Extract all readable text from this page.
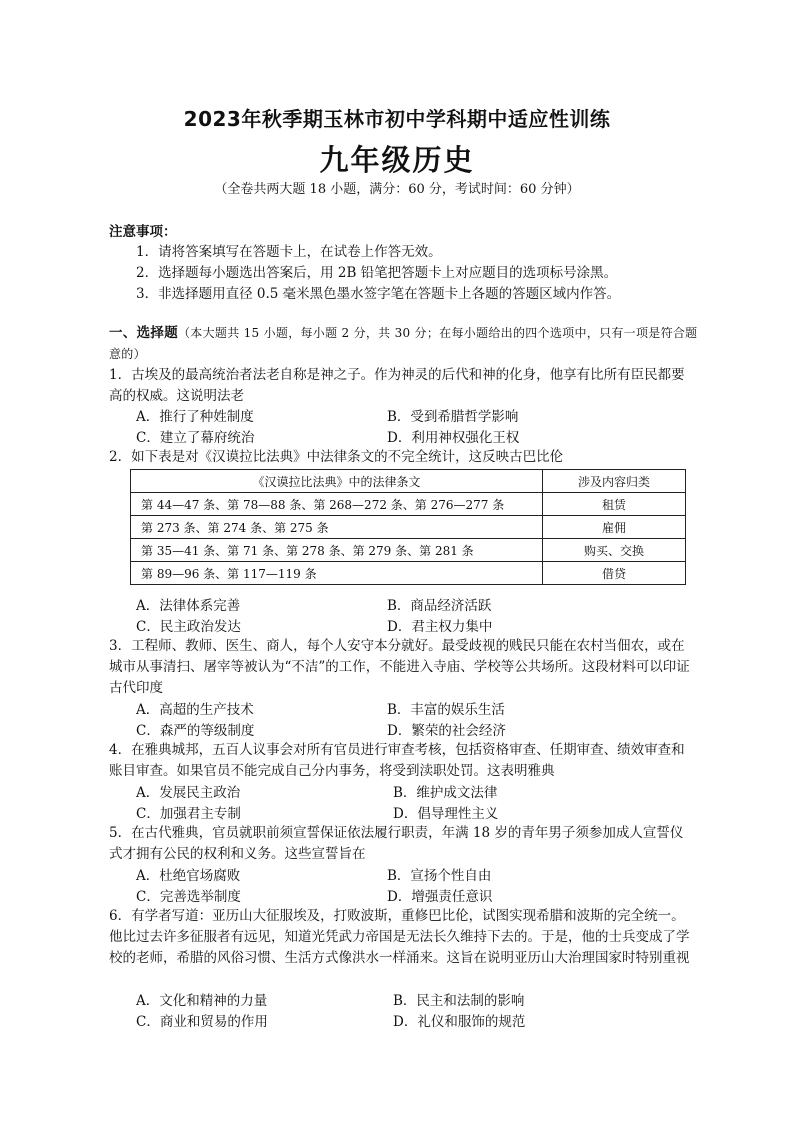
2023年秋季期玉林市初中学科期中适应性训练
九年级历史
（全卷共两大题 18 小题，满分：60 分，考试时间：60 分钟）
注意事项：
1．请将答案填写在答题卡上，在试卷上作答无效。
2．选择题每小题选出答案后，用 2B 铅笔把答题卡上对应题目的选项标号涂黑。
3．非选择题用直径 0.5 毫米黑色墨水签字笔在答题卡上各题的答题区域内作答。
一、选择题（本大题共 15 小题，每小题 2 分，共 30 分；在每小题给出的四个选项中，只有一项是符合题意的）
1．古埃及的最高统治者法老自称是神之子。作为神灵的后代和神的化身，他享有比所有臣民都要高的权威。这说明法老
A．推行了种姓制度	B．受到希腊哲学影响
C．建立了幕府统治	D．利用神权强化王权
2．如下表是对《汉谟拉比法典》中法律条文的不完全统计，这反映古巴比伦
《汉谟拉比法典》中的法律条文	涉及内容归类
第 44—47 条、第 78—88 条、第 268—272 条、第 276—277 条	租赁
第 273 条、第 274 条、第 275 条	雇佣
第 35—41 条、第 71 条、第 278 条、第 279 条、第 281 条	购买、交换
第 89—96 条、第 117—119 条	借贷
A．法律体系完善	B．商品经济活跃
C．民主政治发达	D．君主权力集中
3．工程师、教师、医生、商人，每个人安守本分就好。最受歧视的贱民只能在农村当佃农，或在城市从事清扫、屠宰等被认为“不洁”的工作，不能进入寺庙、学校等公共场所。这段材料可以印证古代印度
A．高超的生产技术	B．丰富的娱乐生活
C．森严的等级制度	D．繁荣的社会经济
4．在雅典城邦，五百人议事会对所有官员进行审查考核，包括资格审查、任期审查、绩效审查和账目审查。如果官员不能完成自己分内事务，将受到渎职处罚。这表明雅典
A．发展民主政治	B．维护成文法律
C．加强君主专制	D．倡导理性主义
5．在古代雅典，官员就职前须宣誓保证依法履行职责，年满 18 岁的青年男子须参加成人宣誓仪式才拥有公民的权利和义务。这些宣誓旨在
A．杜绝官场腐败	B．宣扬个性自由
C．完善选举制度	D．增强责任意识
6．有学者写道：亚历山大征服埃及，打败波斯，重修巴比伦，试图实现希腊和波斯的完全统一。他比过去许多征服者有远见，知道光凭武力帝国是无法长久维持下去的。于是，他的士兵变成了学校的老师，希腊的风俗习惯、生活方式像洪水一样涌来。这旨在说明亚历山大治理国家时特别重视
A．文化和精神的力量	B．民主和法制的影响
C．商业和贸易的作用	D．礼仪和服饰的规范
